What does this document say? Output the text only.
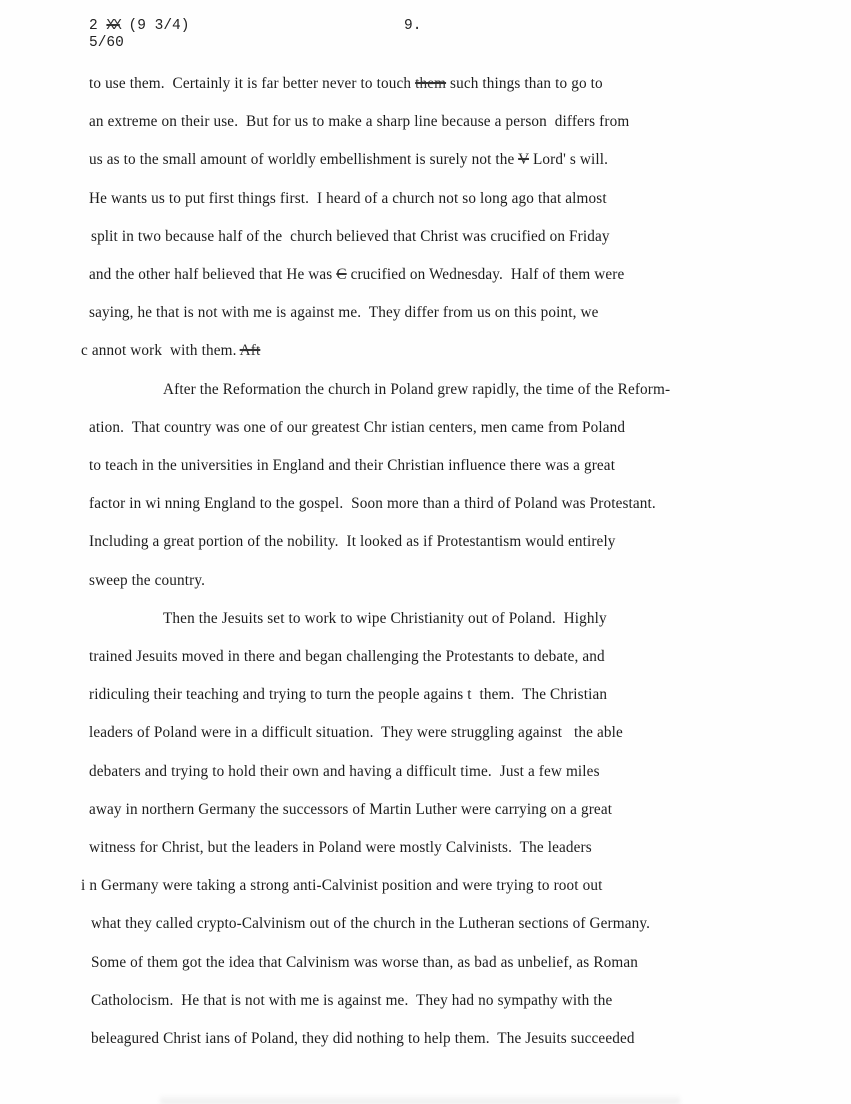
2 XX (9 3/4)
5/60
9.
to use them.  Certainly it is far better never to touch them such things than to go to
an extreme on their use.  But for us to make a sharp line because a person  differs from
us as to the small amount of worldly embellishment is surely not the V Lord' s will.
He wants us to put first things first.  I heard of a church not so long ago that almost
split in two because half of the  church believed that Christ was crucified on Friday
and the other half believed that He was C crucified on Wednesday.  Half of them were
saying, he that is not with me is against me.  They differ from us on this point, we
c annot work  with them. Aft
After the Reformation the church in Poland grew rapidly, the time of the Reform-
ation.  That country was one of our greatest Chr istian centers, men came from Poland
to teach in the universities in England and their Christian influence there was a great
factor in wi nning England to the gospel.  Soon more than a third of Poland was Protestant.
Including a great portion of the nobility.  It looked as if Protestantism would entirely
sweep the country.
Then the Jesuits set to work to wipe Christianity out of Poland.  Highly
trained Jesuits moved in there and began challenging the Protestants to debate, and
ridiculing their teaching and trying to turn the people agains t  them.  The Christian
leaders of Poland were in a difficult situation.  They were struggling against   the able
debaters and trying to hold their own and having a difficult time.  Just a few miles
away in northern Germany the successors of Martin Luther were carrying on a great
witness for Christ, but the leaders in Poland were mostly Calvinists.  The leaders
i n Germany were taking a strong anti-Calvinist position and were trying to root out
what they called crypto-Calvinism out of the church in the Lutheran sections of Germany.
Some of them got the idea that Calvinism was worse than, as bad as unbelief, as Roman
Catholocism.  He that is not with me is against me.  They had no sympathy with the
beleagured Christ ians of Poland, they did nothing to help them.  The Jesuits succeeded
